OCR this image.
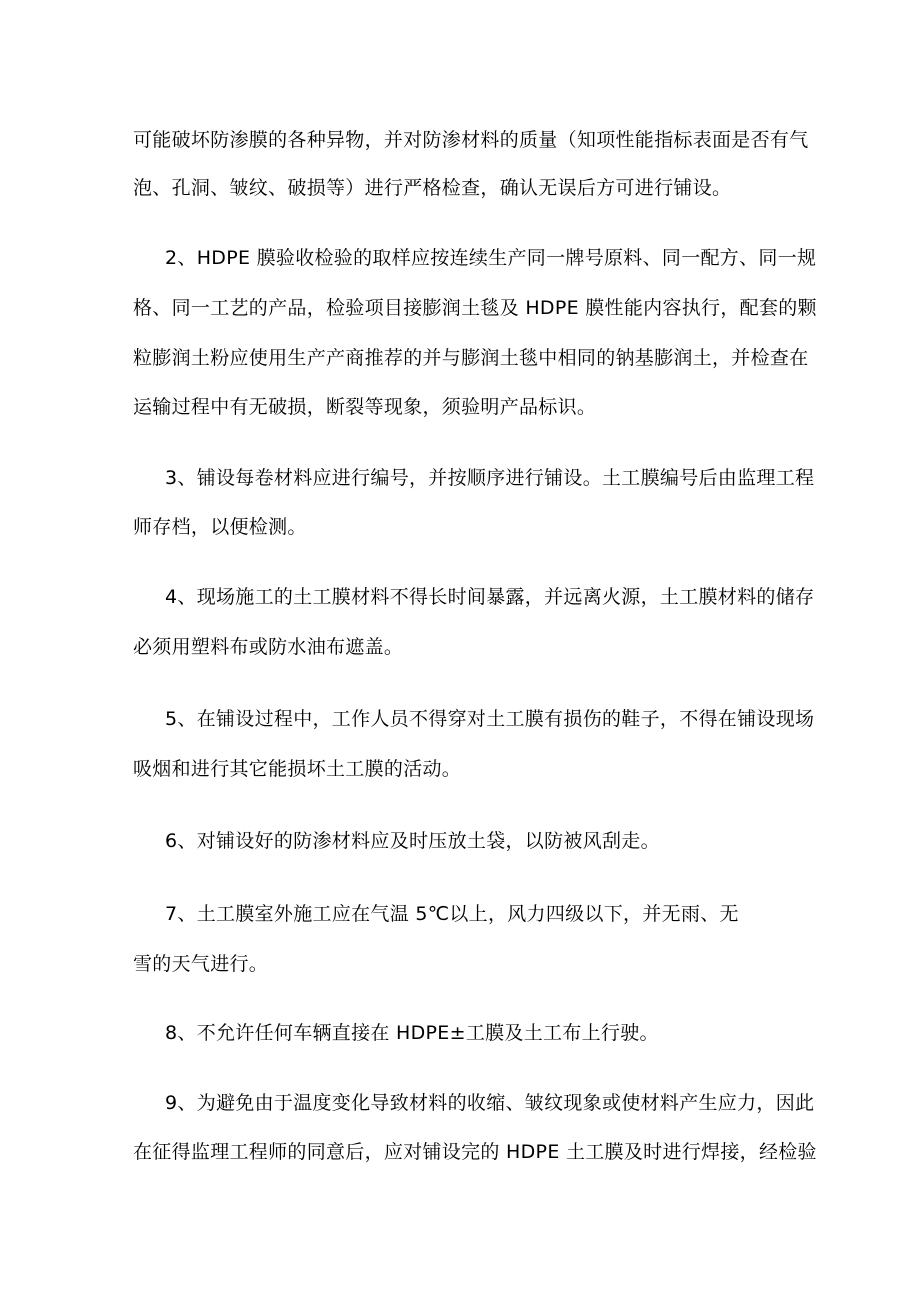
可能破坏防渗膜的各种异物，并对防渗材料的质量（知项性能指标表面是否有气
泡、孔洞、皱纹、破损等）进行严格检查，确认无误后方可进行铺设。
2、HDPE 膜验收检验的取样应按连续生产同一牌号原料、同一配方、同一规
格、同一工艺的产品，检验项目接膨润土毯及 HDPE 膜性能内容执行，配套的颗
粒膨润土粉应使用生产产商推荐的并与膨润土毯中相同的钠基膨润土，并检查在
运输过程中有无破损，断裂等现象，须验明产品标识。
3、铺设每卷材料应进行编号，并按顺序进行铺设。土工膜编号后由监理工程
师存档，以便检测。
4、现场施工的土工膜材料不得长时间暴露，并远离火源，土工膜材料的储存
必须用塑料布或防水油布遮盖。
5、在铺设过程中，工作人员不得穿对土工膜有损伤的鞋子，不得在铺设现场
吸烟和进行其它能损坏土工膜的活动。
6、对铺设好的防渗材料应及时压放土袋，以防被风刮走。
7、土工膜室外施工应在气温 5℃以上，风力四级以下，并无雨、无
雪的天气进行。
8、不允许任何车辆直接在 HDPE±工膜及土工布上行驶。
9、为避免由于温度变化导致材料的收缩、皱纹现象或使材料产生应力，因此
在征得监理工程师的同意后，应对铺设完的 HDPE 土工膜及时进行焊接，经检验
